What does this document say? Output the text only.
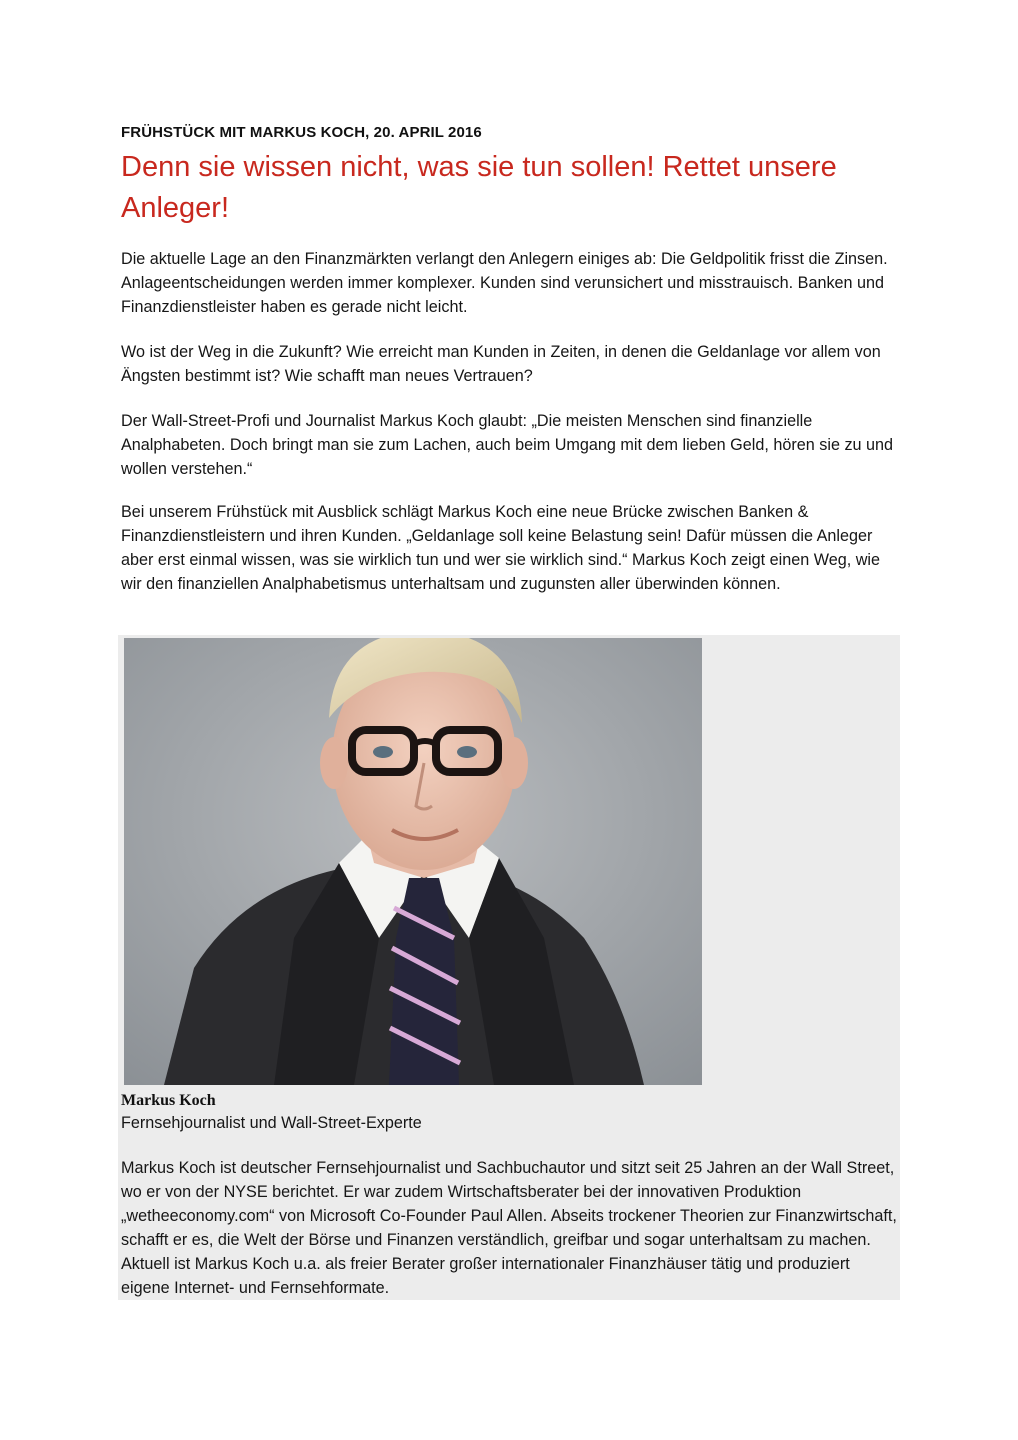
FRÜHSTÜCK MIT MARKUS KOCH, 20. APRIL 2016
Denn sie wissen nicht, was sie tun sollen! Rettet unsere Anleger!

Die aktuelle Lage an den Finanzmärkten verlangt den Anlegern einiges ab: Die Geldpolitik frisst die Zinsen. Anlageentscheidungen werden immer komplexer. Kunden sind verunsichert und misstrauisch. Banken und Finanzdienstleister haben es gerade nicht leicht.

Wo ist der Weg in die Zukunft? Wie erreicht man Kunden in Zeiten, in denen die Geldanlage vor allem von Ängsten bestimmt ist? Wie schafft man neues Vertrauen?

Der Wall-Street-Profi und Journalist Markus Koch glaubt: „Die meisten Menschen sind finanzielle Analphabeten. Doch bringt man sie zum Lachen, auch beim Umgang mit dem lieben Geld, hören sie zu und wollen verstehen.“

Bei unserem Frühstück mit Ausblick schlägt Markus Koch eine neue Brücke zwischen Banken & Finanzdienstleistern und ihren Kunden. „Geldanlage soll keine Belastung sein! Dafür müssen die Anleger aber erst einmal wissen, was sie wirklich tun und wer sie wirklich sind.“ Markus Koch zeigt einen Weg, wie wir den finanziellen Analphabetismus unterhaltsam und zugunsten aller überwinden können.

Markus Koch
Fernsehjournalist und Wall-Street-Experte

Markus Koch ist deutscher Fernsehjournalist und Sachbuchautor und sitzt seit 25 Jahren an der Wall Street, wo er von der NYSE berichtet. Er war zudem Wirtschaftsberater bei der innovativen Produktion „wetheeconomy.com“ von Microsoft Co-Founder Paul Allen. Abseits trockener Theorien zur Finanzwirtschaft, schafft er es, die Welt der Börse und Finanzen verständlich, greifbar und sogar unterhaltsam zu machen. Aktuell ist Markus Koch u.a. als freier Berater großer internationaler Finanzhäuser tätig und produziert eigene Internet- und Fernsehformate.
